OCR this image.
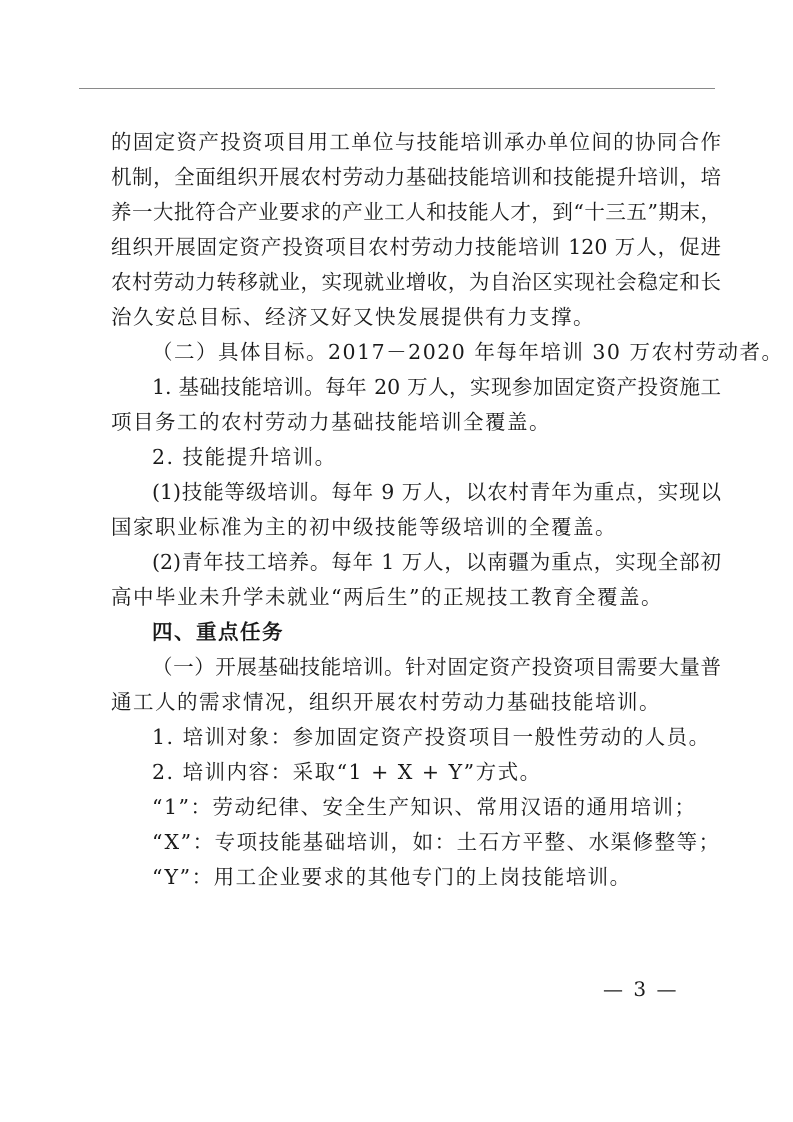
的固定资产投资项目用工单位与技能培训承办单位间的协同合作
机制，全面组织开展农村劳动力基础技能培训和技能提升培训，培
养一大批符合产业要求的产业工人和技能人才，到“十三五”期末，
组织开展固定资产投资项目农村劳动力技能培训 120 万人，促进
农村劳动力转移就业，实现就业增收，为自治区实现社会稳定和长
治久安总目标、经济又好又快发展提供有力支撑。
（二）具体目标。2017－2020 年每年培训 30 万农村劳动者。
1. 基础技能培训。每年 20 万人，实现参加固定资产投资施工
项目务工的农村劳动力基础技能培训全覆盖。
2. 技能提升培训。
(1)技能等级培训。每年 9 万人，以农村青年为重点，实现以
国家职业标准为主的初中级技能等级培训的全覆盖。
(2)青年技工培养。每年 1 万人，以南疆为重点，实现全部初
高中毕业未升学未就业“两后生”的正规技工教育全覆盖。
四、重点任务
（一）开展基础技能培训。针对固定资产投资项目需要大量普
通工人的需求情况，组织开展农村劳动力基础技能培训。
1. 培训对象：参加固定资产投资项目一般性劳动的人员。
2. 培训内容：采取“1 + X + Y”方式。
“1”：劳动纪律、安全生产知识、常用汉语的通用培训；
“X”：专项技能基础培训，如：土石方平整、水渠修整等；
“Y”：用工企业要求的其他专门的上岗技能培训。
— 3 —
